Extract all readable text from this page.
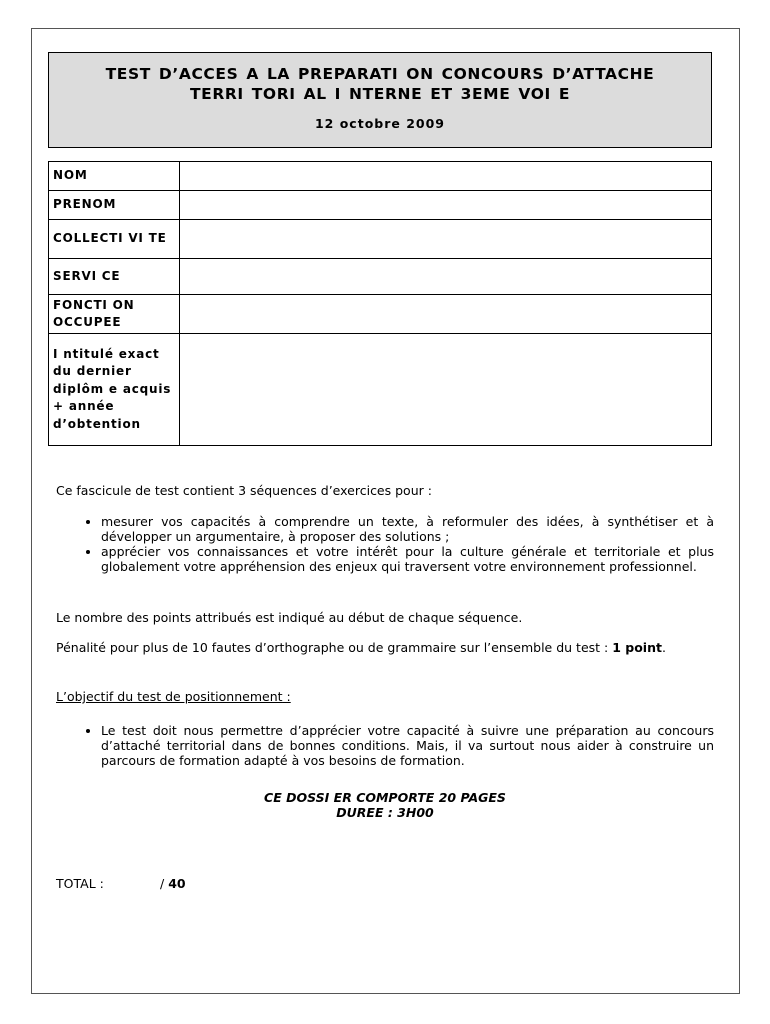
TEST D’ACCES A LA PREPARATI ON CONCOURS D’ATTACHE
TERRI TORI AL I NTERNE ET 3EME VOI E
12 octobre 2009
NOM	
PRENOM	
COLLECTI VI TE	
SERVI CE	
FONCTI ON OCCUPEE	
I ntitulé exact du dernier diplôm e acquis + année d’obtention	
Ce fascicule de test contient 3 séquences d’exercices pour :
• mesurer vos capacités à comprendre un texte, à reformuler des idées, à synthétiser et à développer un argumentaire, à proposer des solutions ;
• apprécier vos connaissances et votre intérêt pour la culture générale et territoriale et plus globalement votre appréhension des enjeux qui traversent votre environnement professionnel.
Le nombre des points attribués est indiqué au début de chaque séquence.
Pénalité pour plus de 10 fautes d’orthographe ou de grammaire sur l’ensemble du test : 1 point.
L’objectif du test de positionnement :
• Le test doit nous permettre d’apprécier votre capacité à suivre une préparation au concours d’attaché territorial dans de bonnes conditions. Mais, il va surtout nous aider à construire un parcours de formation adapté à vos besoins de formation.
CE DOSSI ER COMPORTE 20 PAGES
DUREE : 3H00
TOTAL :	/ 40
